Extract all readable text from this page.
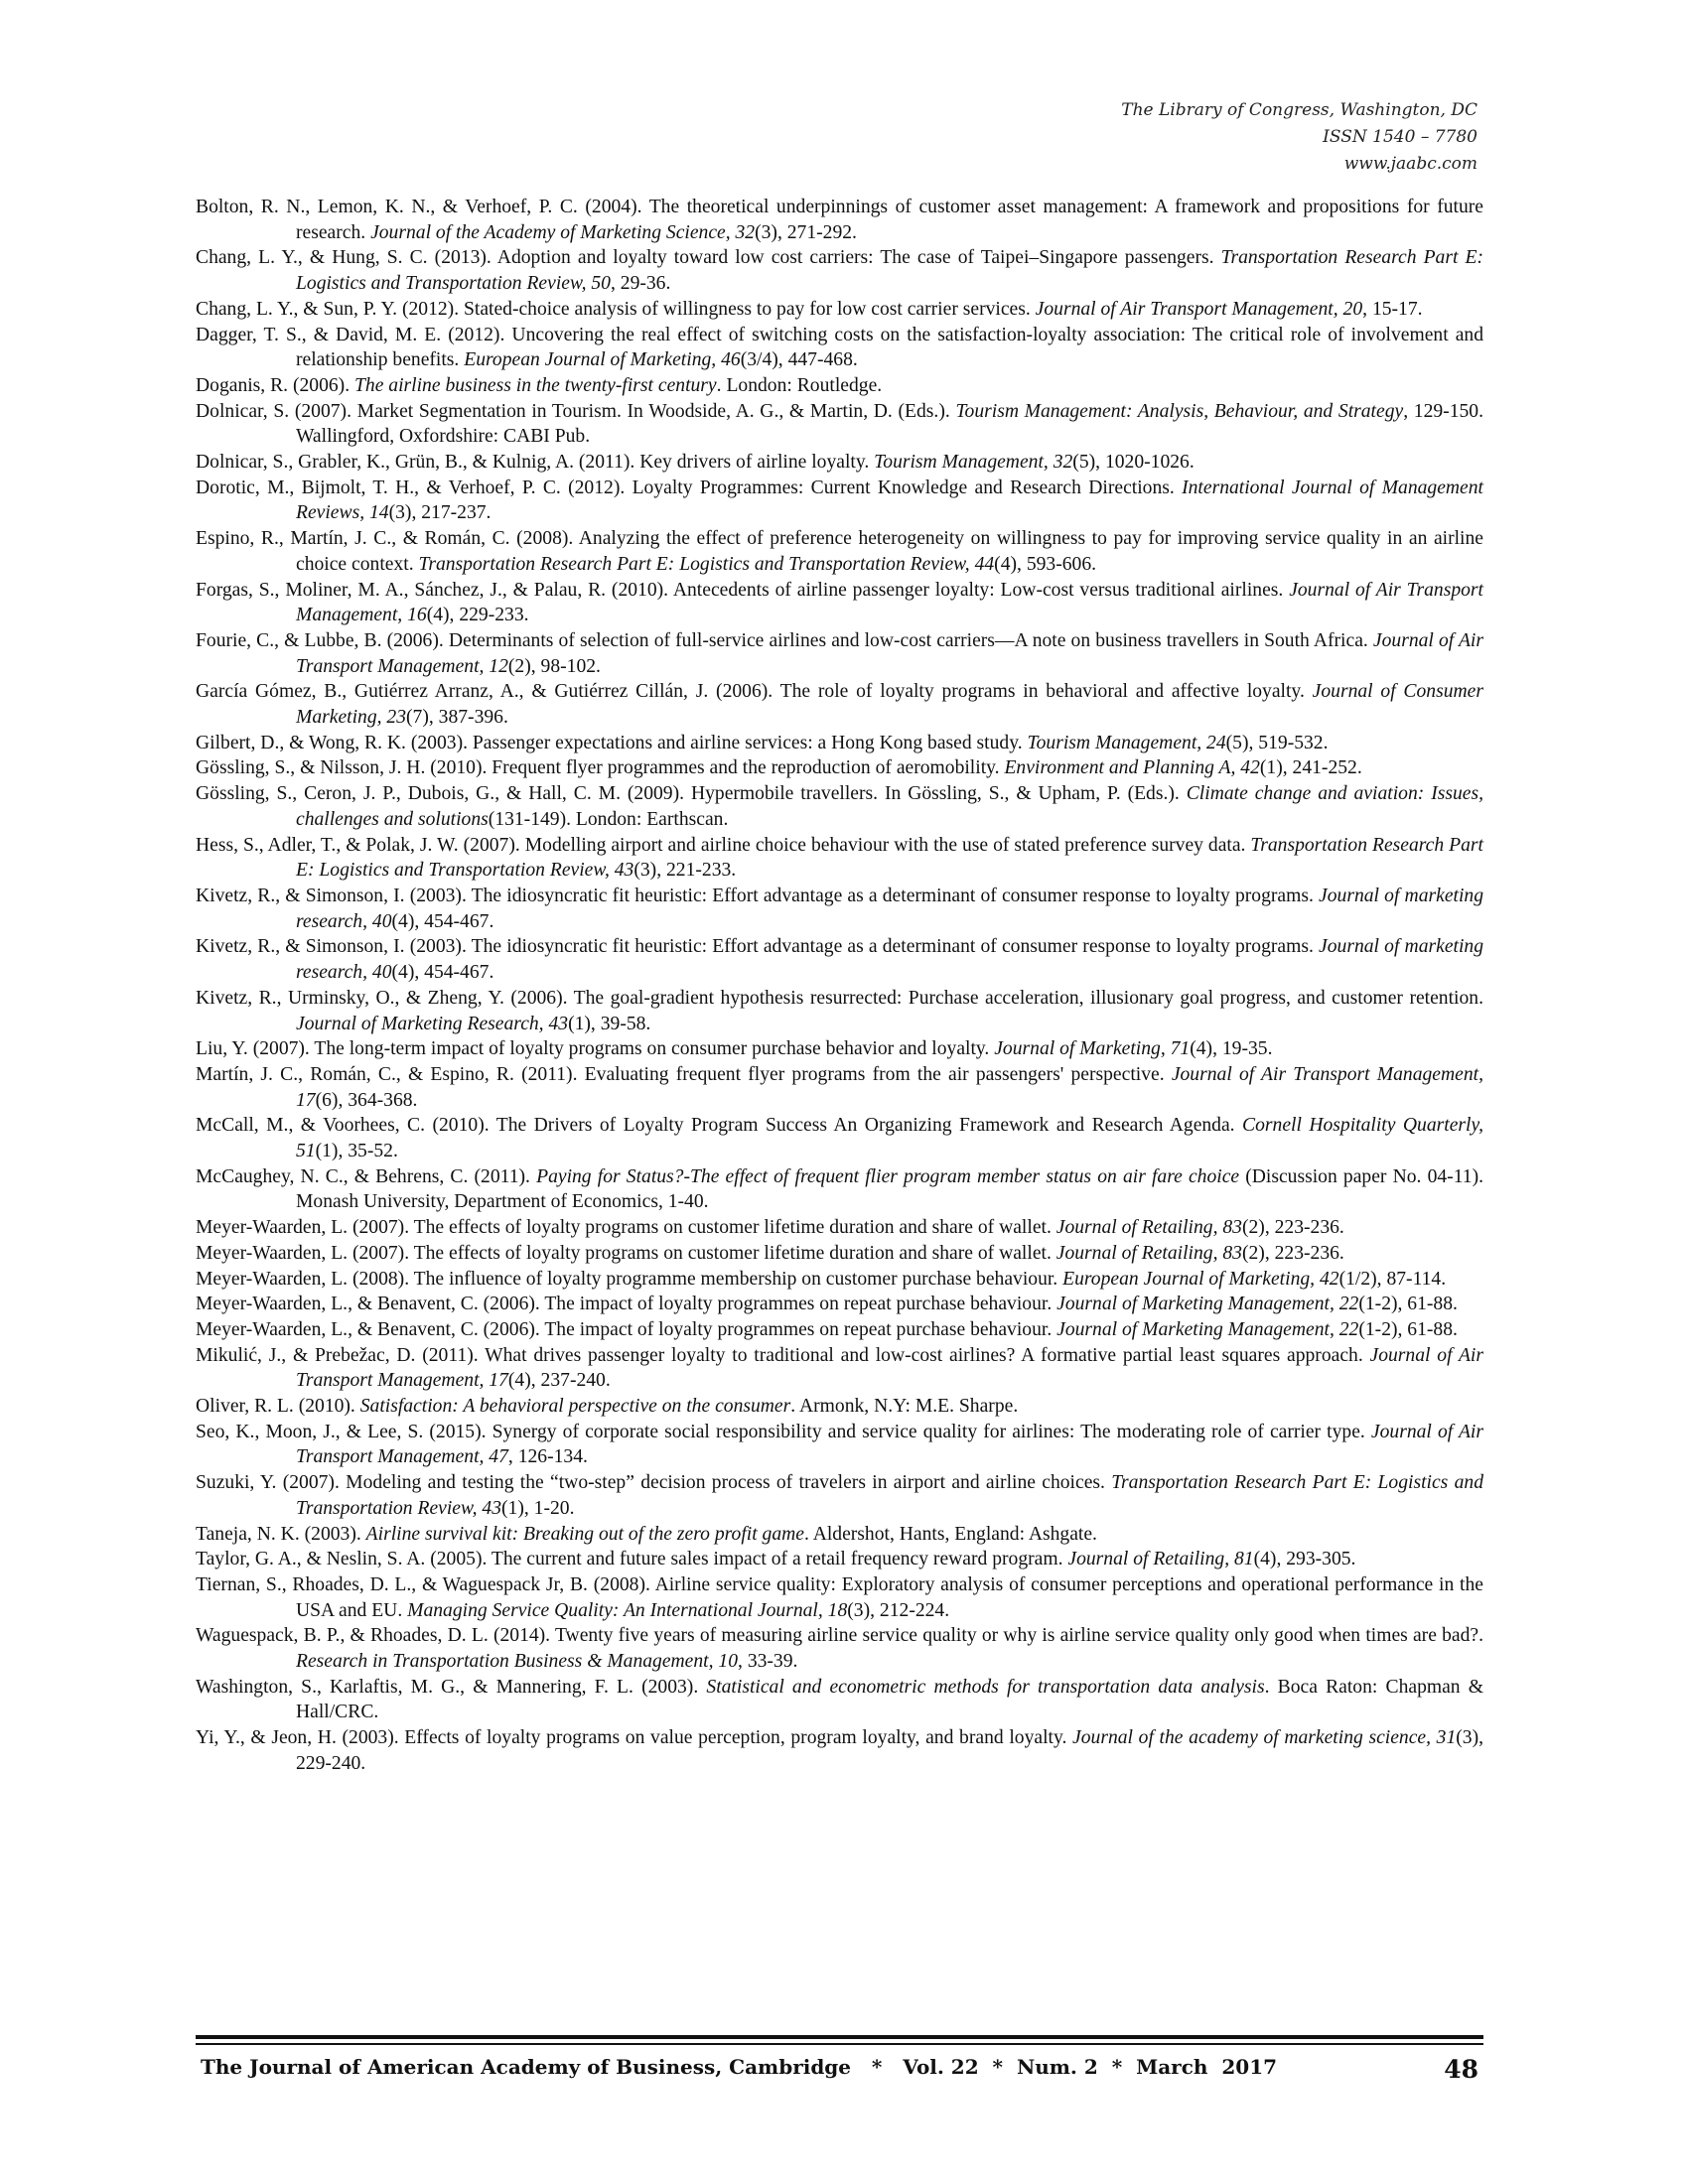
The Library of Congress, Washington, DC
ISSN 1540 – 7780
www.jaabc.com

Bolton, R. N., Lemon, K. N., & Verhoef, P. C. (2004). The theoretical underpinnings of customer asset management: A framework and propositions for future research. Journal of the Academy of Marketing Science, 32(3), 271-292.

Chang, L. Y., & Hung, S. C. (2013). Adoption and loyalty toward low cost carriers: The case of Taipei–Singapore passengers. Transportation Research Part E: Logistics and Transportation Review, 50, 29-36.

Chang, L. Y., & Sun, P. Y. (2012). Stated-choice analysis of willingness to pay for low cost carrier services. Journal of Air Transport Management, 20, 15-17.

Dagger, T. S., & David, M. E. (2012). Uncovering the real effect of switching costs on the satisfaction-loyalty association: The critical role of involvement and relationship benefits. European Journal of Marketing, 46(3/4), 447-468.

Doganis, R. (2006). The airline business in the twenty-first century. London: Routledge.

Dolnicar, S. (2007). Market Segmentation in Tourism. In Woodside, A. G., & Martin, D. (Eds.). Tourism Management: Analysis, Behaviour, and Strategy, 129-150. Wallingford, Oxfordshire: CABI Pub.

Dolnicar, S., Grabler, K., Grün, B., & Kulnig, A. (2011). Key drivers of airline loyalty. Tourism Management, 32(5), 1020-1026.

Dorotic, M., Bijmolt, T. H., & Verhoef, P. C. (2012). Loyalty Programmes: Current Knowledge and Research Directions. International Journal of Management Reviews, 14(3), 217-237.

Espino, R., Martín, J. C., & Román, C. (2008). Analyzing the effect of preference heterogeneity on willingness to pay for improving service quality in an airline choice context. Transportation Research Part E: Logistics and Transportation Review, 44(4), 593-606.

Forgas, S., Moliner, M. A., Sánchez, J., & Palau, R. (2010). Antecedents of airline passenger loyalty: Low-cost versus traditional airlines. Journal of Air Transport Management, 16(4), 229-233.

Fourie, C., & Lubbe, B. (2006). Determinants of selection of full-service airlines and low-cost carriers—A note on business travellers in South Africa. Journal of Air Transport Management, 12(2), 98-102.

García Gómez, B., Gutiérrez Arranz, A., & Gutiérrez Cillán, J. (2006). The role of loyalty programs in behavioral and affective loyalty. Journal of Consumer Marketing, 23(7), 387-396.

Gilbert, D., & Wong, R. K. (2003). Passenger expectations and airline services: a Hong Kong based study. Tourism Management, 24(5), 519-532.

Gössling, S., & Nilsson, J. H. (2010). Frequent flyer programmes and the reproduction of aeromobility. Environment and Planning A, 42(1), 241-252.

Gössling, S., Ceron, J. P., Dubois, G., & Hall, C. M. (2009). Hypermobile travellers. In Gössling, S., & Upham, P. (Eds.). Climate change and aviation: Issues, challenges and solutions(131-149). London: Earthscan.

Hess, S., Adler, T., & Polak, J. W. (2007). Modelling airport and airline choice behaviour with the use of stated preference survey data. Transportation Research Part E: Logistics and Transportation Review, 43(3), 221-233.

Kivetz, R., & Simonson, I. (2003). The idiosyncratic fit heuristic: Effort advantage as a determinant of consumer response to loyalty programs. Journal of marketing research, 40(4), 454-467.

Kivetz, R., & Simonson, I. (2003). The idiosyncratic fit heuristic: Effort advantage as a determinant of consumer response to loyalty programs. Journal of marketing research, 40(4), 454-467.

Kivetz, R., Urminsky, O., & Zheng, Y. (2006). The goal-gradient hypothesis resurrected: Purchase acceleration, illusionary goal progress, and customer retention. Journal of Marketing Research, 43(1), 39-58.

Liu, Y. (2007). The long-term impact of loyalty programs on consumer purchase behavior and loyalty. Journal of Marketing, 71(4), 19-35.

Martín, J. C., Román, C., & Espino, R. (2011). Evaluating frequent flyer programs from the air passengers' perspective. Journal of Air Transport Management, 17(6), 364-368.

McCall, M., & Voorhees, C. (2010). The Drivers of Loyalty Program Success An Organizing Framework and Research Agenda. Cornell Hospitality Quarterly, 51(1), 35-52.

McCaughey, N. C., & Behrens, C. (2011). Paying for Status?-The effect of frequent flier program member status on air fare choice (Discussion paper No. 04-11). Monash University, Department of Economics, 1-40.

Meyer-Waarden, L. (2007). The effects of loyalty programs on customer lifetime duration and share of wallet. Journal of Retailing, 83(2), 223-236.

Meyer-Waarden, L. (2007). The effects of loyalty programs on customer lifetime duration and share of wallet. Journal of Retailing, 83(2), 223-236.

Meyer-Waarden, L. (2008). The influence of loyalty programme membership on customer purchase behaviour. European Journal of Marketing, 42(1/2), 87-114.

Meyer-Waarden, L., & Benavent, C. (2006). The impact of loyalty programmes on repeat purchase behaviour. Journal of Marketing Management, 22(1-2), 61-88.

Meyer-Waarden, L., & Benavent, C. (2006). The impact of loyalty programmes on repeat purchase behaviour. Journal of Marketing Management, 22(1-2), 61-88.

Mikulić, J., & Prebežac, D. (2011). What drives passenger loyalty to traditional and low-cost airlines? A formative partial least squares approach. Journal of Air Transport Management, 17(4), 237-240.

Oliver, R. L. (2010). Satisfaction: A behavioral perspective on the consumer. Armonk, N.Y: M.E. Sharpe.

Seo, K., Moon, J., & Lee, S. (2015). Synergy of corporate social responsibility and service quality for airlines: The moderating role of carrier type. Journal of Air Transport Management, 47, 126-134.

Suzuki, Y. (2007). Modeling and testing the “two-step” decision process of travelers in airport and airline choices. Transportation Research Part E: Logistics and Transportation Review, 43(1), 1-20.

Taneja, N. K. (2003). Airline survival kit: Breaking out of the zero profit game. Aldershot, Hants, England: Ashgate.

Taylor, G. A., & Neslin, S. A. (2005). The current and future sales impact of a retail frequency reward program. Journal of Retailing, 81(4), 293-305.

Tiernan, S., Rhoades, D. L., & Waguespack Jr, B. (2008). Airline service quality: Exploratory analysis of consumer perceptions and operational performance in the USA and EU. Managing Service Quality: An International Journal, 18(3), 212-224.

Waguespack, B. P., & Rhoades, D. L. (2014). Twenty five years of measuring airline service quality or why is airline service quality only good when times are bad?. Research in Transportation Business & Management, 10, 33-39.

Washington, S., Karlaftis, M. G., & Mannering, F. L. (2003). Statistical and econometric methods for transportation data analysis. Boca Raton: Chapman & Hall/CRC.

Yi, Y., & Jeon, H. (2003). Effects of loyalty programs on value perception, program loyalty, and brand loyalty. Journal of the academy of marketing science, 31(3), 229-240.

The Journal of American Academy of Business, Cambridge   *   Vol. 22  *  Num. 2  *  March  2017	48
